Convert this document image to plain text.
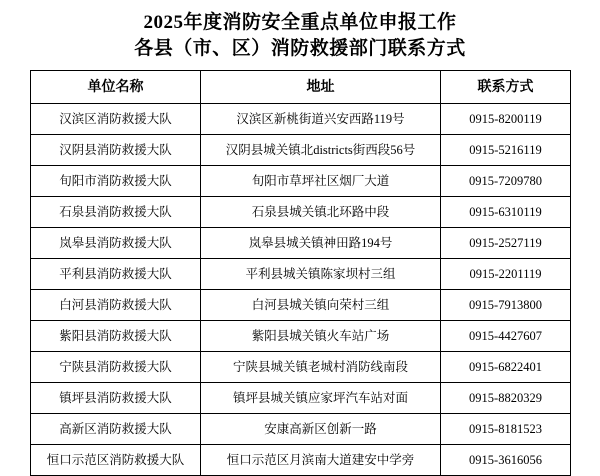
2025年度消防安全重点单位申报工作
各县（市、区）消防救援部门联系方式
单位名称	地址	联系方式
汉滨区消防救援大队	汉滨区新桃街道兴安西路119号	0915-8200119
汉阴县消防救援大队	汉阴县城关镇北districts街西段56号	0915-5216119
旬阳市消防救援大队	旬阳市草坪社区烟厂大道	0915-7209780
石泉县消防救援大队	石泉县城关镇北环路中段	0915-6310119
岚皋县消防救援大队	岚皋县城关镇神田路194号	0915-2527119
平利县消防救援大队	平利县城关镇陈家坝村三组	0915-2201119
白河县消防救援大队	白河县城关镇向荣村三组	0915-7913800
紫阳县消防救援大队	紫阳县城关镇火车站广场	0915-4427607
宁陕县消防救援大队	宁陕县城关镇老城村消防线南段	0915-6822401
镇坪县消防救援大队	镇坪县城关镇应家坪汽车站对面	0915-8820329
高新区消防救援大队	安康高新区创新一路	0915-8181523
恒口示范区消防救援大队	恒口示范区月滨南大道建安中学旁	0915-3616056
